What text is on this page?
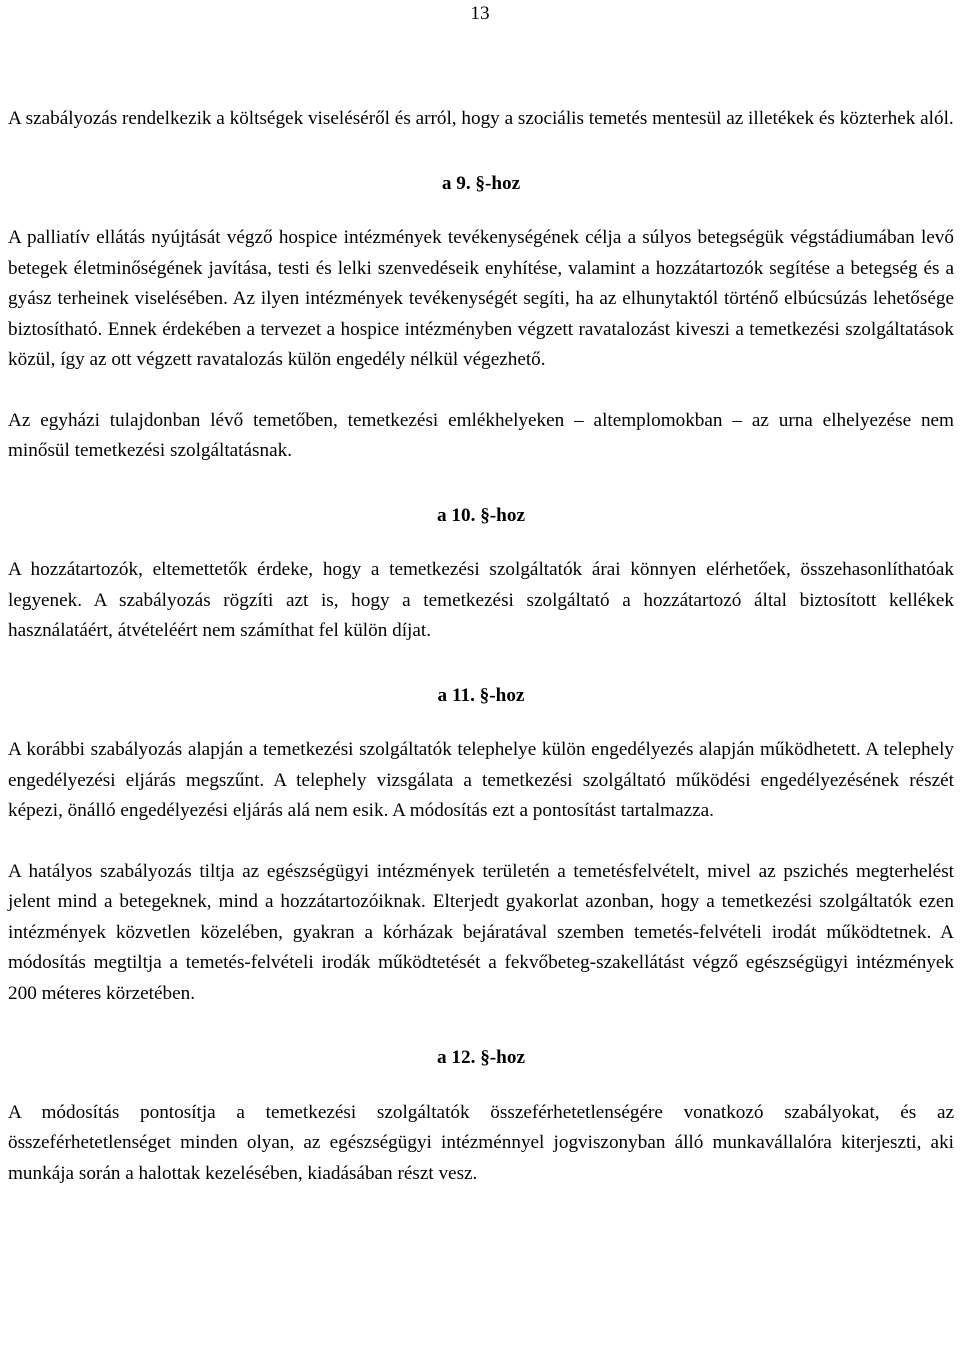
13

A szabályozás rendelkezik a költségek viseléséről és arról, hogy a szociális temetés mentesül az illetékek és közterhek alól.

a 9. §-hoz

A palliatív ellátás nyújtását végző hospice intézmények tevékenységének célja a súlyos betegségük végstádiumában levő betegek életminőségének javítása, testi és lelki szenvedéseik enyhítése, valamint a hozzátartozók segítése a betegség és a gyász terheinek viselésében. Az ilyen intézmények tevékenységét segíti, ha az elhunytaktól történő elbúcsúzás lehetősége biztosítható. Ennek érdekében a tervezet a hospice intézményben végzett ravatalozást kiveszi a temetkezési szolgáltatások közül, így az ott végzett ravatalozás külön engedély nélkül végezhető.

Az egyházi tulajdonban lévő temetőben, temetkezési emlékhelyeken – altemplomokban – az urna elhelyezése nem minősül temetkezési szolgáltatásnak.

a 10. §-hoz

A hozzátartozók, eltemettetők érdeke, hogy a temetkezési szolgáltatók árai könnyen elérhetőek, összehasonlíthatóak legyenek. A szabályozás rögzíti azt is, hogy a temetkezési szolgáltató a hozzátartozó által biztosított kellékek használatáért, átvételéért nem számíthat fel külön díjat.

a 11. §-hoz

A korábbi szabályozás alapján a temetkezési szolgáltatók telephelye külön engedélyezés alapján működhetett. A telephely engedélyezési eljárás megszűnt. A telephely vizsgálata a temetkezési szolgáltató működési engedélyezésének részét képezi, önálló engedélyezési eljárás alá nem esik. A módosítás ezt a pontosítást tartalmazza.

A hatályos szabályozás tiltja az egészségügyi intézmények területén a temetésfelvételt, mivel az pszichés megterhelést jelent mind a betegeknek, mind a hozzátartozóiknak. Elterjedt gyakorlat azonban, hogy a temetkezési szolgáltatók ezen intézmények közvetlen közelében, gyakran a kórházak bejáratával szemben temetés-felvételi irodát működtetnek. A módosítás megtiltja a temetés-felvételi irodák működtetését a fekvőbeteg-szakellátást végző egészségügyi intézmények 200 méteres körzetében.

a 12. §-hoz

A módosítás pontosítja a temetkezési szolgáltatók összeférhetetlenségére vonatkozó szabályokat, és az összeférhetetlenséget minden olyan, az egészségügyi intézménnyel jogviszonyban álló munkavállalóra kiterjeszti, aki munkája során a halottak kezelésében, kiadásában részt vesz.
